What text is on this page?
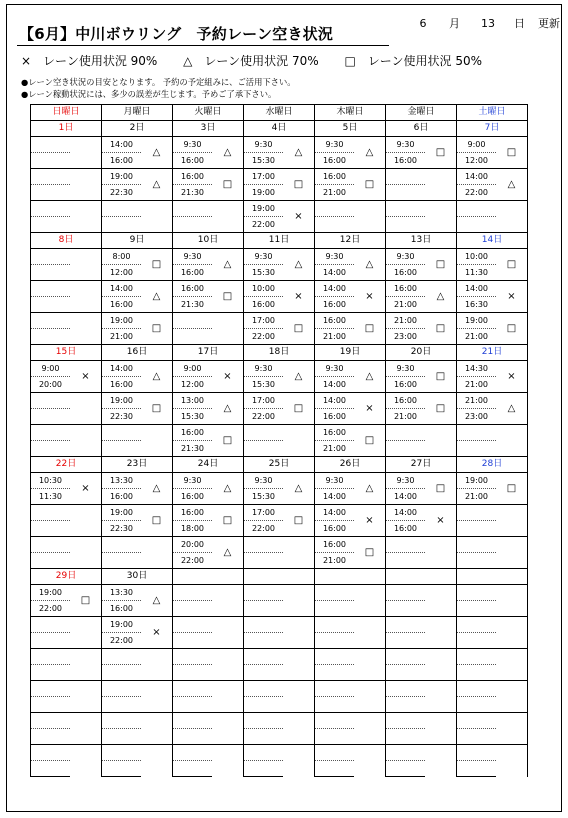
【6月】中川ボウリング　予約レーン空き状況
6 月 13 日 更新
×　レーン使用状況 90% △　レーン使用状況 70% □　レーン使用状況 50%
●レーン空き状況の目安となります。 予約の予定組みに、ご活用下さい。
●レーン稼動状況には、多少の誤差が生じます。予めご了承下さい。
日曜日		月曜日		火曜日		水曜日		木曜日		金曜日		土曜日	
1日		2日		3日		4日		5日		6日		7日	
		14:00	△	9:30	△	9:30	△	9:30	△	9:30	□	9:00	□
		16:00		16:00		15:30		16:00		16:00		12:00	
		19:00	△	16:00	□	17:00	□	16:00	□			14:00	△
		22:30		21:30		19:00		21:00				22:00	
						19:00	×						
						22:00							
8日		9日		10日		11日		12日		13日		14日	
		8:00	□	9:30	△	9:30	△	9:30	△	9:30	□	10:00	□
		12:00		16:00		15:30		14:00		16:00		11:30	
		14:00	△	16:00	□	10:00	×	14:00	×	16:00	△	14:00	×
		16:00		21:30		16:00		16:00		21:00		16:30	
		19:00	□			17:00	□	16:00	□	21:00	□	19:00	□
		21:00				22:00		21:00		23:00		21:00	
15日		16日		17日		18日		19日		20日		21日	
9:00	×	14:00	△	9:00	×	9:30	△	9:30	△	9:30	□	14:30	×
20:00		16:00		12:00		15:30		14:00		16:00		21:00	
		19:00	□	13:00	△	17:00	□	14:00	×	16:00	□	21:00	△
		22:30		15:30		22:00		16:00		21:00		23:00	
				16:00	□			16:00	□				
				21:30				21:00					
22日		23日		24日		25日		26日		27日		28日	
10:30	×	13:30	△	9:30	△	9:30	△	9:30	△	9:30	□	19:00	□
11:30		16:00		16:00		15:30		14:00		14:00		21:00	
		19:00	□	16:00	□	17:00	□	14:00	×	14:00	×		
		22:30		18:00		22:00		16:00		16:00			
				20:00	△			16:00	□				
				22:00				21:00					
29日		30日											
19:00	□	13:30	△										
22:00		16:00											
		19:00	×										
		22:00											
